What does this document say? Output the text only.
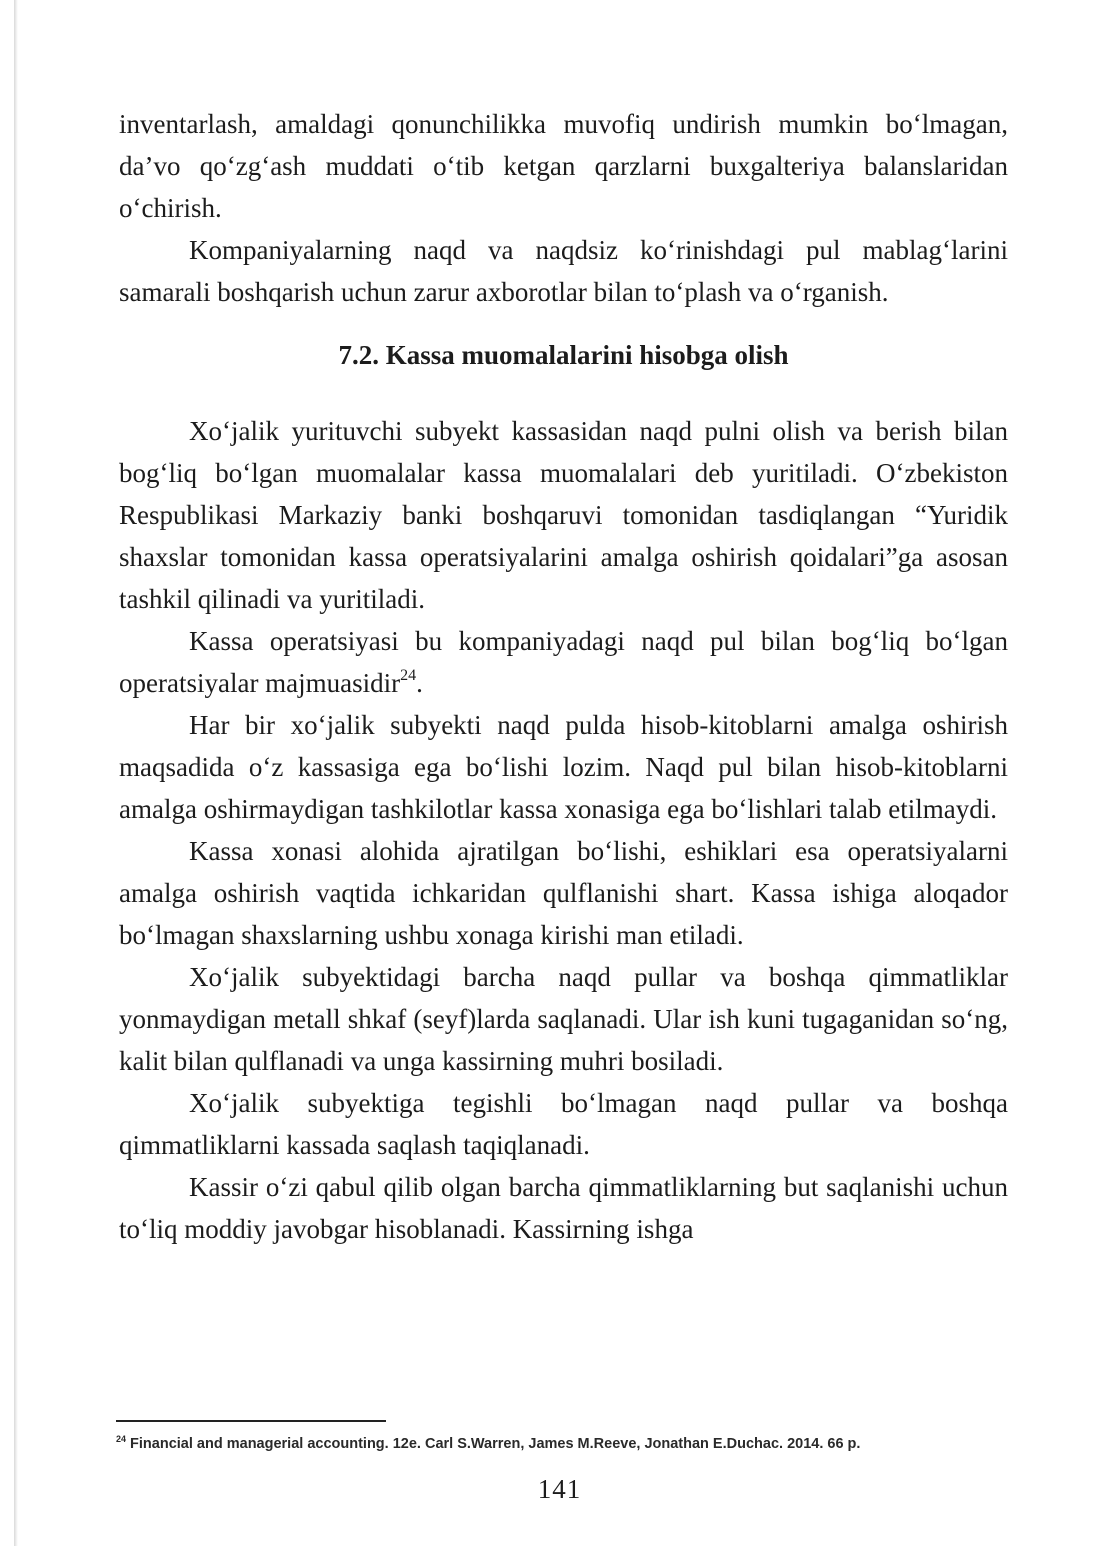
inventarlash, amaldagi qonunchilikka muvofiq undirish mumkin bo‘lmagan, da’vo qo‘zg‘ash muddati o‘tib ketgan qarzlarni buxgalteriya balanslaridan o‘chirish.

Kompaniyalarning naqd va naqdsiz ko‘rinishdagi pul mablag‘larini samarali boshqarish uchun zarur axborotlar bilan to‘plash va o‘rganish.

7.2. Kassa muomalalarini hisobga olish

Xo‘jalik yurituvchi subyekt kassasidan naqd pulni olish va berish bilan bog‘liq bo‘lgan muomalalar kassa muomalalari deb yuritiladi. O‘zbekiston Respublikasi Markaziy banki boshqaruvi tomonidan tasdiqlangan “Yuridik shaxslar tomonidan kassa operatsiyalarini amalga oshirish qoidalari”ga asosan tashkil qilinadi va yuritiladi.

Kassa operatsiyasi bu kompaniyadagi naqd pul bilan bog‘liq bo‘lgan operatsiyalar majmuasidir$^{24}$.

Har bir xo‘jalik subyekti naqd pulda hisob-kitoblarni amalga oshirish maqsadida o‘z kassasiga ega bo‘lishi lozim. Naqd pul bilan hisob-kitoblarni amalga oshirmaydigan tashkilotlar kassa xonasiga ega bo‘lishlari talab etilmaydi.

Kassa xonasi alohida ajratilgan bo‘lishi, eshiklari esa operatsiyalarni amalga oshirish vaqtida ichkaridan qulflanishi shart. Kassa ishiga aloqador bo‘lmagan shaxslarning ushbu xonaga kirishi man etiladi.

Xo‘jalik subyektidagi barcha naqd pullar va boshqa qimmatliklar yonmaydigan metall shkaf (seyf)larda saqlanadi. Ular ish kuni tugaganidan so‘ng, kalit bilan qulflanadi va unga kassirning muhri bosiladi.

Xo‘jalik subyektiga tegishli bo‘lmagan naqd pullar va boshqa qimmatliklarni kassada saqlash taqiqlanadi.

Kassir o‘zi qabul qilib olgan barcha qimmatliklarning but saqlanishi uchun to‘liq moddiy javobgar hisoblanadi. Kassirning ishga

$^{24}$ Financial and managerial accounting. 12e. Carl S.Warren, James M.Reeve, Jonathan E.Duchac. 2014. 66 p.
141
